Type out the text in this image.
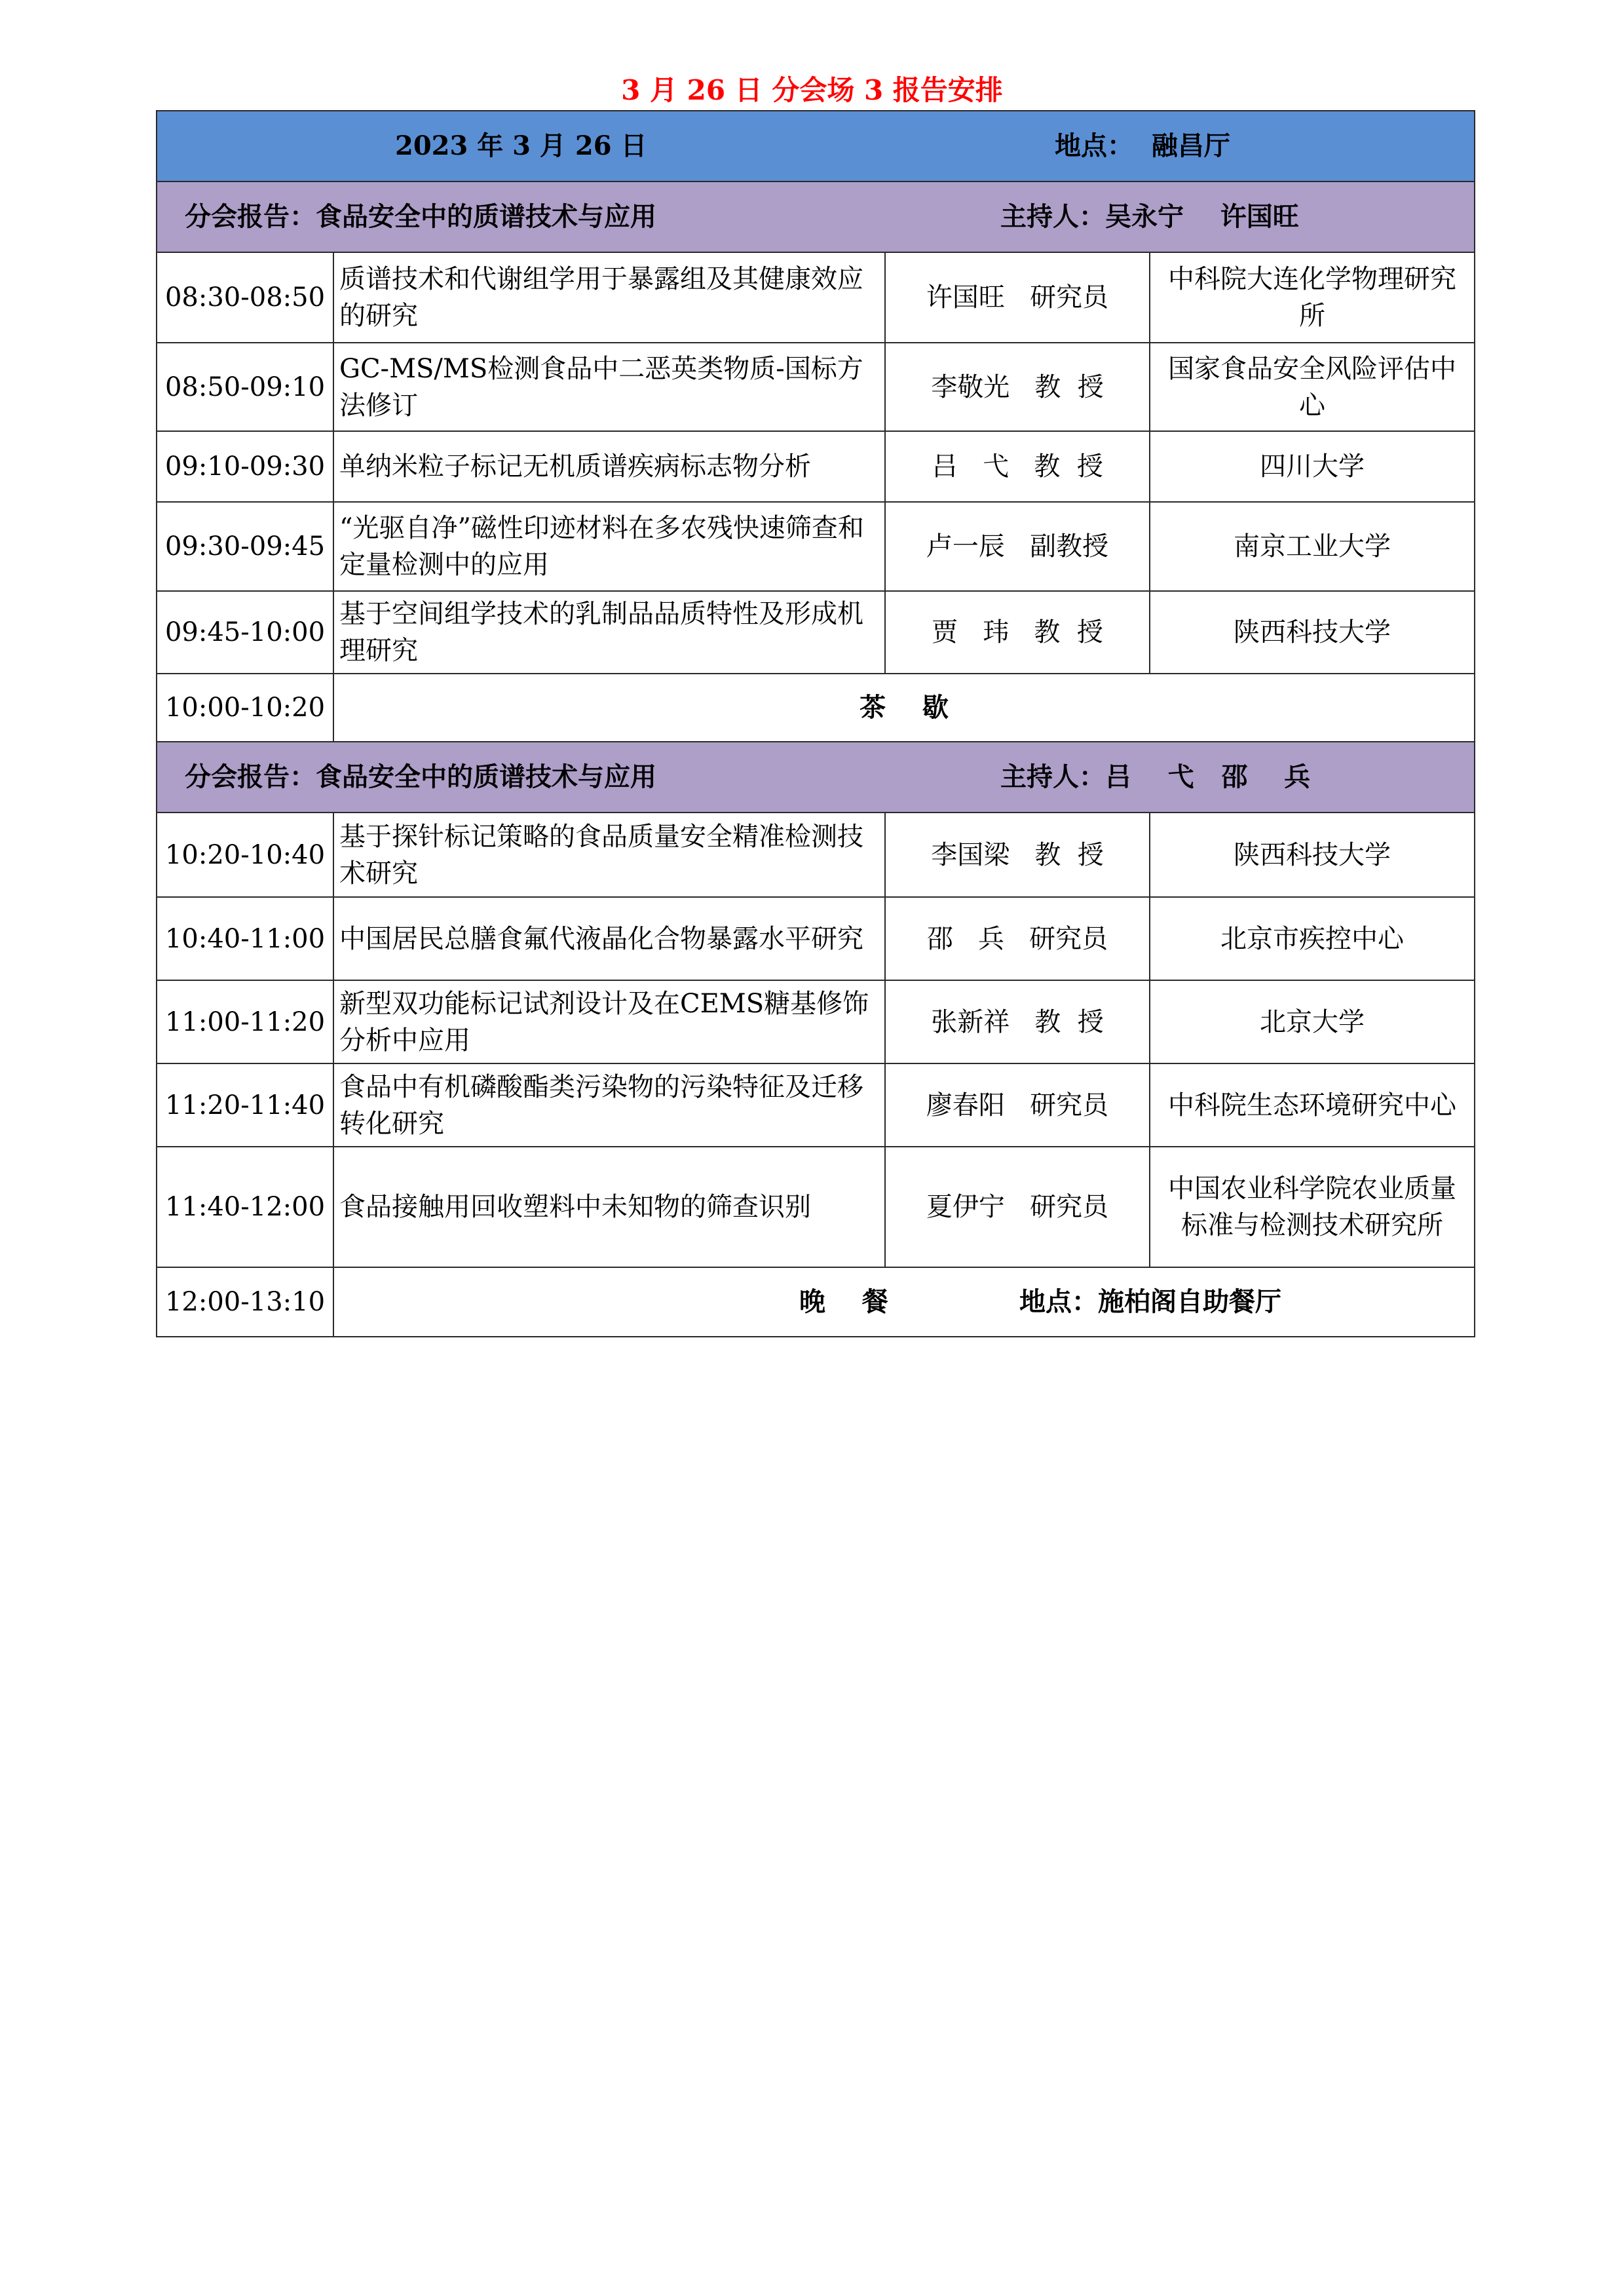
3 月 26 日 分会场 3 报告安排
2023 年 3 月 26 日 地点：  融昌厅			

分会报告：食品安全中的质谱技术与应用 主持人：吴永宁    许国旺			

08:30-08:50	质谱技术和代谢组学用于暴露组及其健康效应的研究	许国旺   研究员	中科院大连化学物理研究所
08:50-09:10	GC-MS/MS检测食品中二恶英类物质-国标方法修订	李敬光   教  授	国家食品安全风险评估中心
09:10-09:30	单纳米粒子标记无机质谱疾病标志物分析	吕   弋   教  授	四川大学
09:30-09:45	“光驱自净”磁性印迹材料在多农残快速筛查和定量检测中的应用	卢一辰   副教授	南京工业大学
09:45-10:00	基于空间组学技术的乳制品品质特性及形成机理研究	贾   玮   教  授	陕西科技大学
10:00-10:20	茶    歇		

分会报告：食品安全中的质谱技术与应用 主持人：吕    弋   邵    兵			

10:20-10:40	基于探针标记策略的食品质量安全精准检测技术研究	李国梁   教  授	陕西科技大学
10:40-11:00	中国居民总膳食氟代液晶化合物暴露水平研究	邵   兵   研究员	北京市疾控中心
11:00-11:20	新型双功能标记试剂设计及在CEMS糖基修饰分析中应用	张新祥   教  授	北京大学
11:20-11:40	食品中有机磷酸酯类污染物的污染特征及迁移转化研究	廖春阳   研究员	中科院生态环境研究中心
11:40-12:00	食品接触用回收塑料中未知物的筛查识别	夏伊宁   研究员	中国农业科学院农业质量标准与检测技术研究所
12:00-13:10	晚    餐 地点：施柏阁自助餐厅		
